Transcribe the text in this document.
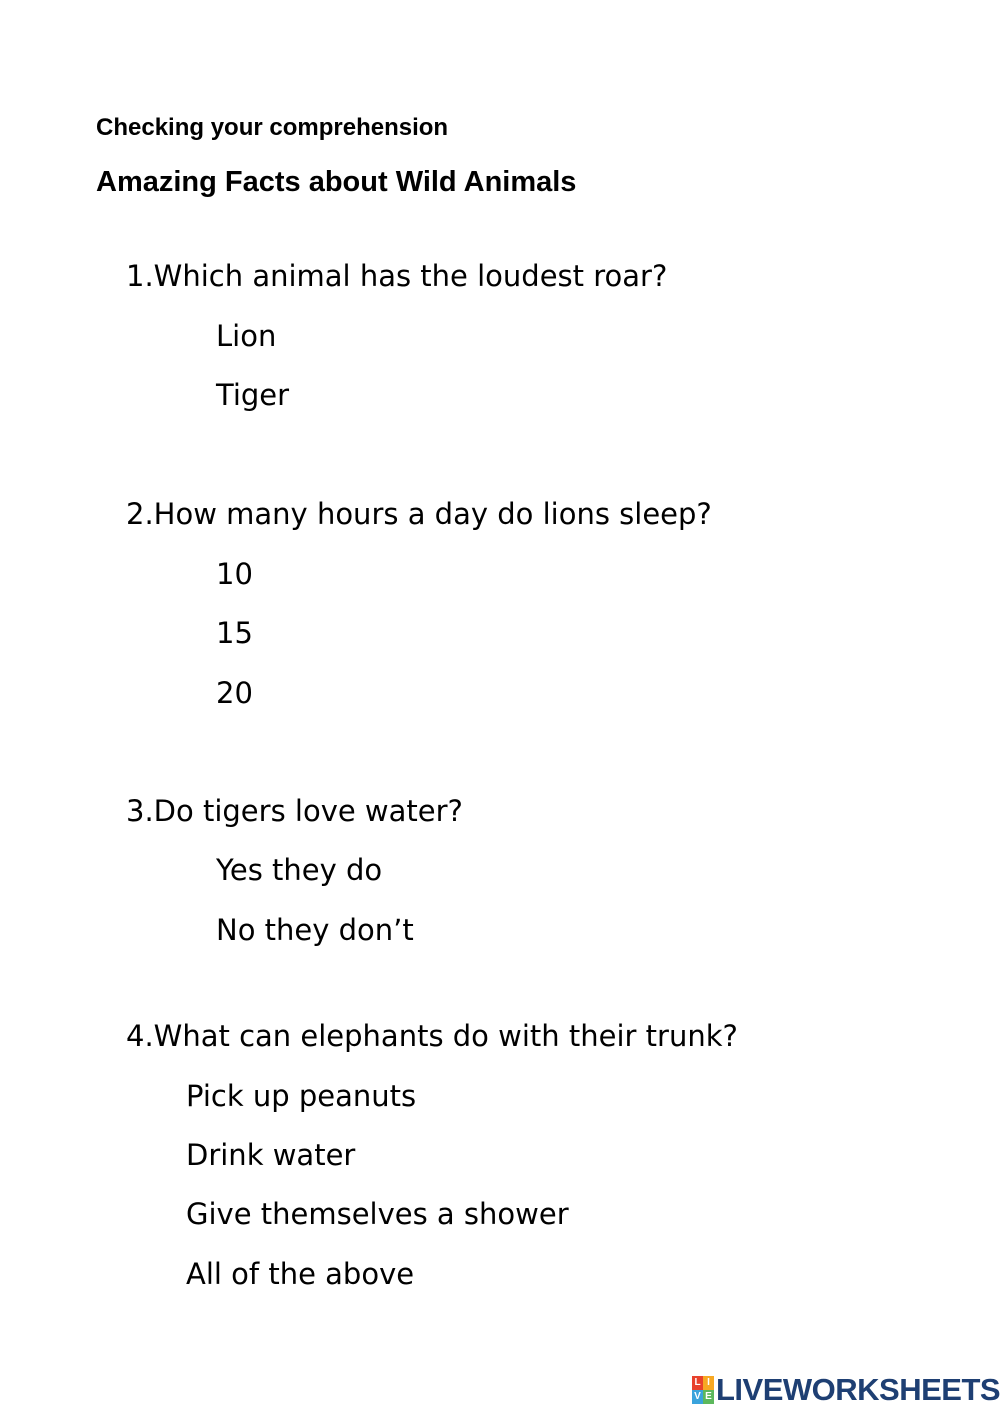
Checking your comprehension
Amazing Facts about Wild Animals
1.Which animal has the loudest roar?
Lion
Tiger
2.How many hours a day do lions sleep?
10
15
20
3.Do tigers love water?
Yes they do
No they don’t
4.What can elephants do with their trunk?
Pick up peanuts
Drink water
Give themselves a shower
All of the above
L I
V E LIVEWORKSHEETS
